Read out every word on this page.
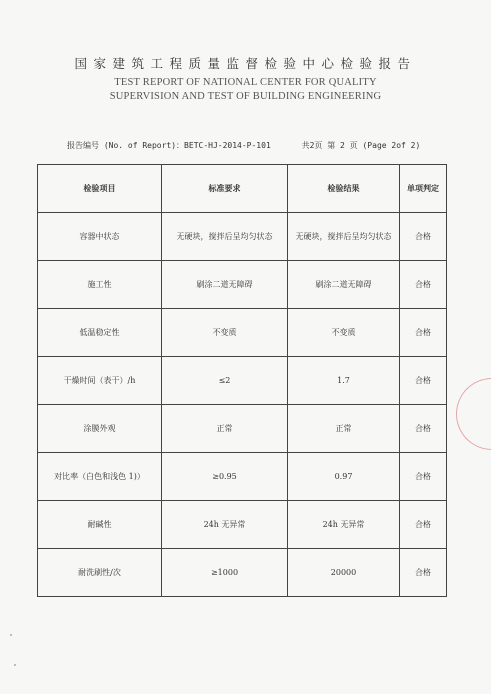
国家建筑工程质量监督检验中心检验报告
TEST REPORT OF NATIONAL CENTER FOR QUALITY
SUPERVISION AND TEST OF BUILDING ENGINEERING
报告编号 (No. of Report)：BETC-HJ-2014-P-101	共2页 第 2 页 (Page 2of 2)
检验项目	标准要求	检验结果	单项判定
容器中状态	无硬块，搅拌后呈均匀状态	无硬块，搅拌后呈均匀状态	合格
施工性	刷涂二道无障碍	刷涂二道无障碍	合格
低温稳定性	不变质	不变质	合格
干燥时间（表干）/h	≤2	1.7	合格
涂膜外观	正常	正常	合格
对比率（白色和浅色 1)）	≥0.95	0.97	合格
耐碱性	24h 无异常	24h 无异常	合格
耐洗刷性/次	≥1000	20000	合格
